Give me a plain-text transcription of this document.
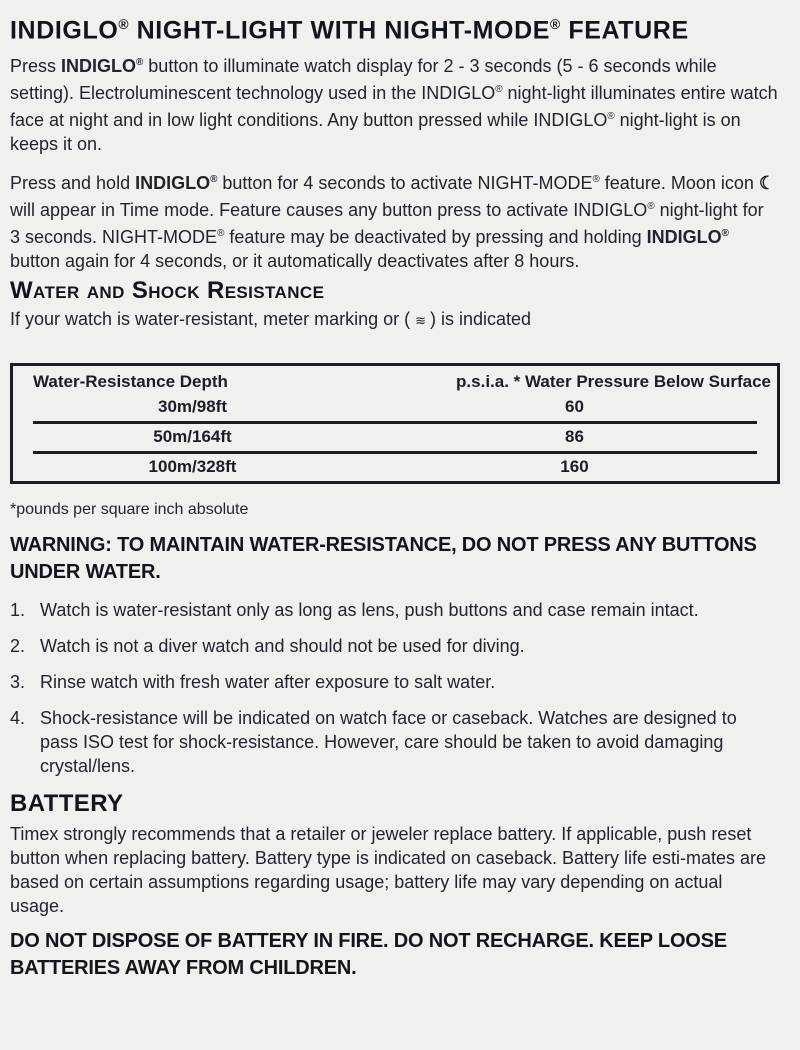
INDIGLO® NIGHT-LIGHT WITH NIGHT-MODE® FEATURE

Press INDIGLO® button to illuminate watch display for 2 - 3 seconds (5 - 6 seconds while setting). Electroluminescent technology used in the INDIGLO® night-light illuminates entire watch face at night and in low light conditions. Any button pressed while INDIGLO® night-light is on keeps it on.

Press and hold INDIGLO® button for 4 seconds to activate NIGHT-MODE® feature. Moon icon ☾ will appear in Time mode. Feature causes any button press to activate INDIGLO® night-light for 3 seconds. NIGHT-MODE® feature may be deactivated by pressing and holding INDIGLO® button again for 4 seconds, or it automatically deactivates after 8 hours.

Water and Shock Resistance

If your watch is water-resistant, meter marking or ( ≋ ) is indicated

Water-Resistance Depth	p.s.i.a. * Water Pressure Below Surface
30m/98ft	60

50m/164ft	86

100m/328ft	160

*pounds per square inch absolute

WARNING: TO MAINTAIN WATER-RESISTANCE, DO NOT PRESS ANY BUTTONS UNDER WATER.

1. Watch is water-resistant only as long as lens, push buttons and case remain intact.
2. Watch is not a diver watch and should not be used for diving.
3. Rinse watch with fresh water after exposure to salt water.
4. Shock-resistance will be indicated on watch face or caseback. Watches are designed to pass ISO test for shock-resistance. However, care should be taken to avoid damaging crystal/lens.
BATTERY

Timex strongly recommends that a retailer or jeweler replace battery. If applicable, push reset button when replacing battery. Battery type is indicated on caseback. Battery life esti-mates are based on certain assumptions regarding usage; battery life may vary depending on actual usage.

DO NOT DISPOSE OF BATTERY IN FIRE. DO NOT RECHARGE. KEEP LOOSE BATTERIES AWAY FROM CHILDREN.
